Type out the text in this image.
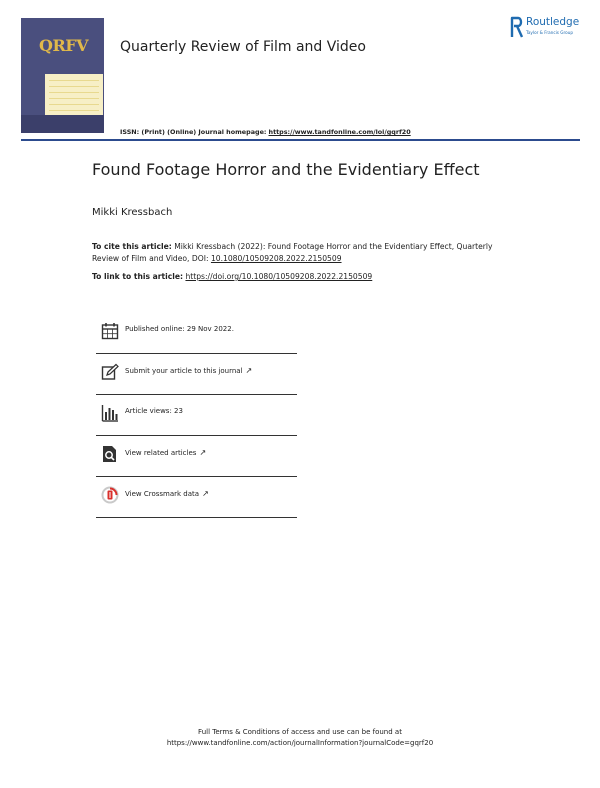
QRFV Quarterly Review of Film and Video
Routledge
Taylor & Francis Group
ISSN: (Print) (Online) Journal homepage: https://www.tandfonline.com/loi/gqrf20
Found Footage Horror and the Evidentiary Effect
Mikki Kressbach
To cite this article: Mikki Kressbach (2022): Found Footage Horror and the Evidentiary Effect, Quarterly Review of Film and Video, DOI: 10.1080/10509208.2022.2150509
To link to this article: https://doi.org/10.1080/10509208.2022.2150509
Published online: 29 Nov 2022.
Submit your article to this journal ↗
Article views: 23
View related articles ↗
View Crossmark data ↗
Full Terms & Conditions of access and use can be found at
https://www.tandfonline.com/action/journalInformation?journalCode=gqrf20
